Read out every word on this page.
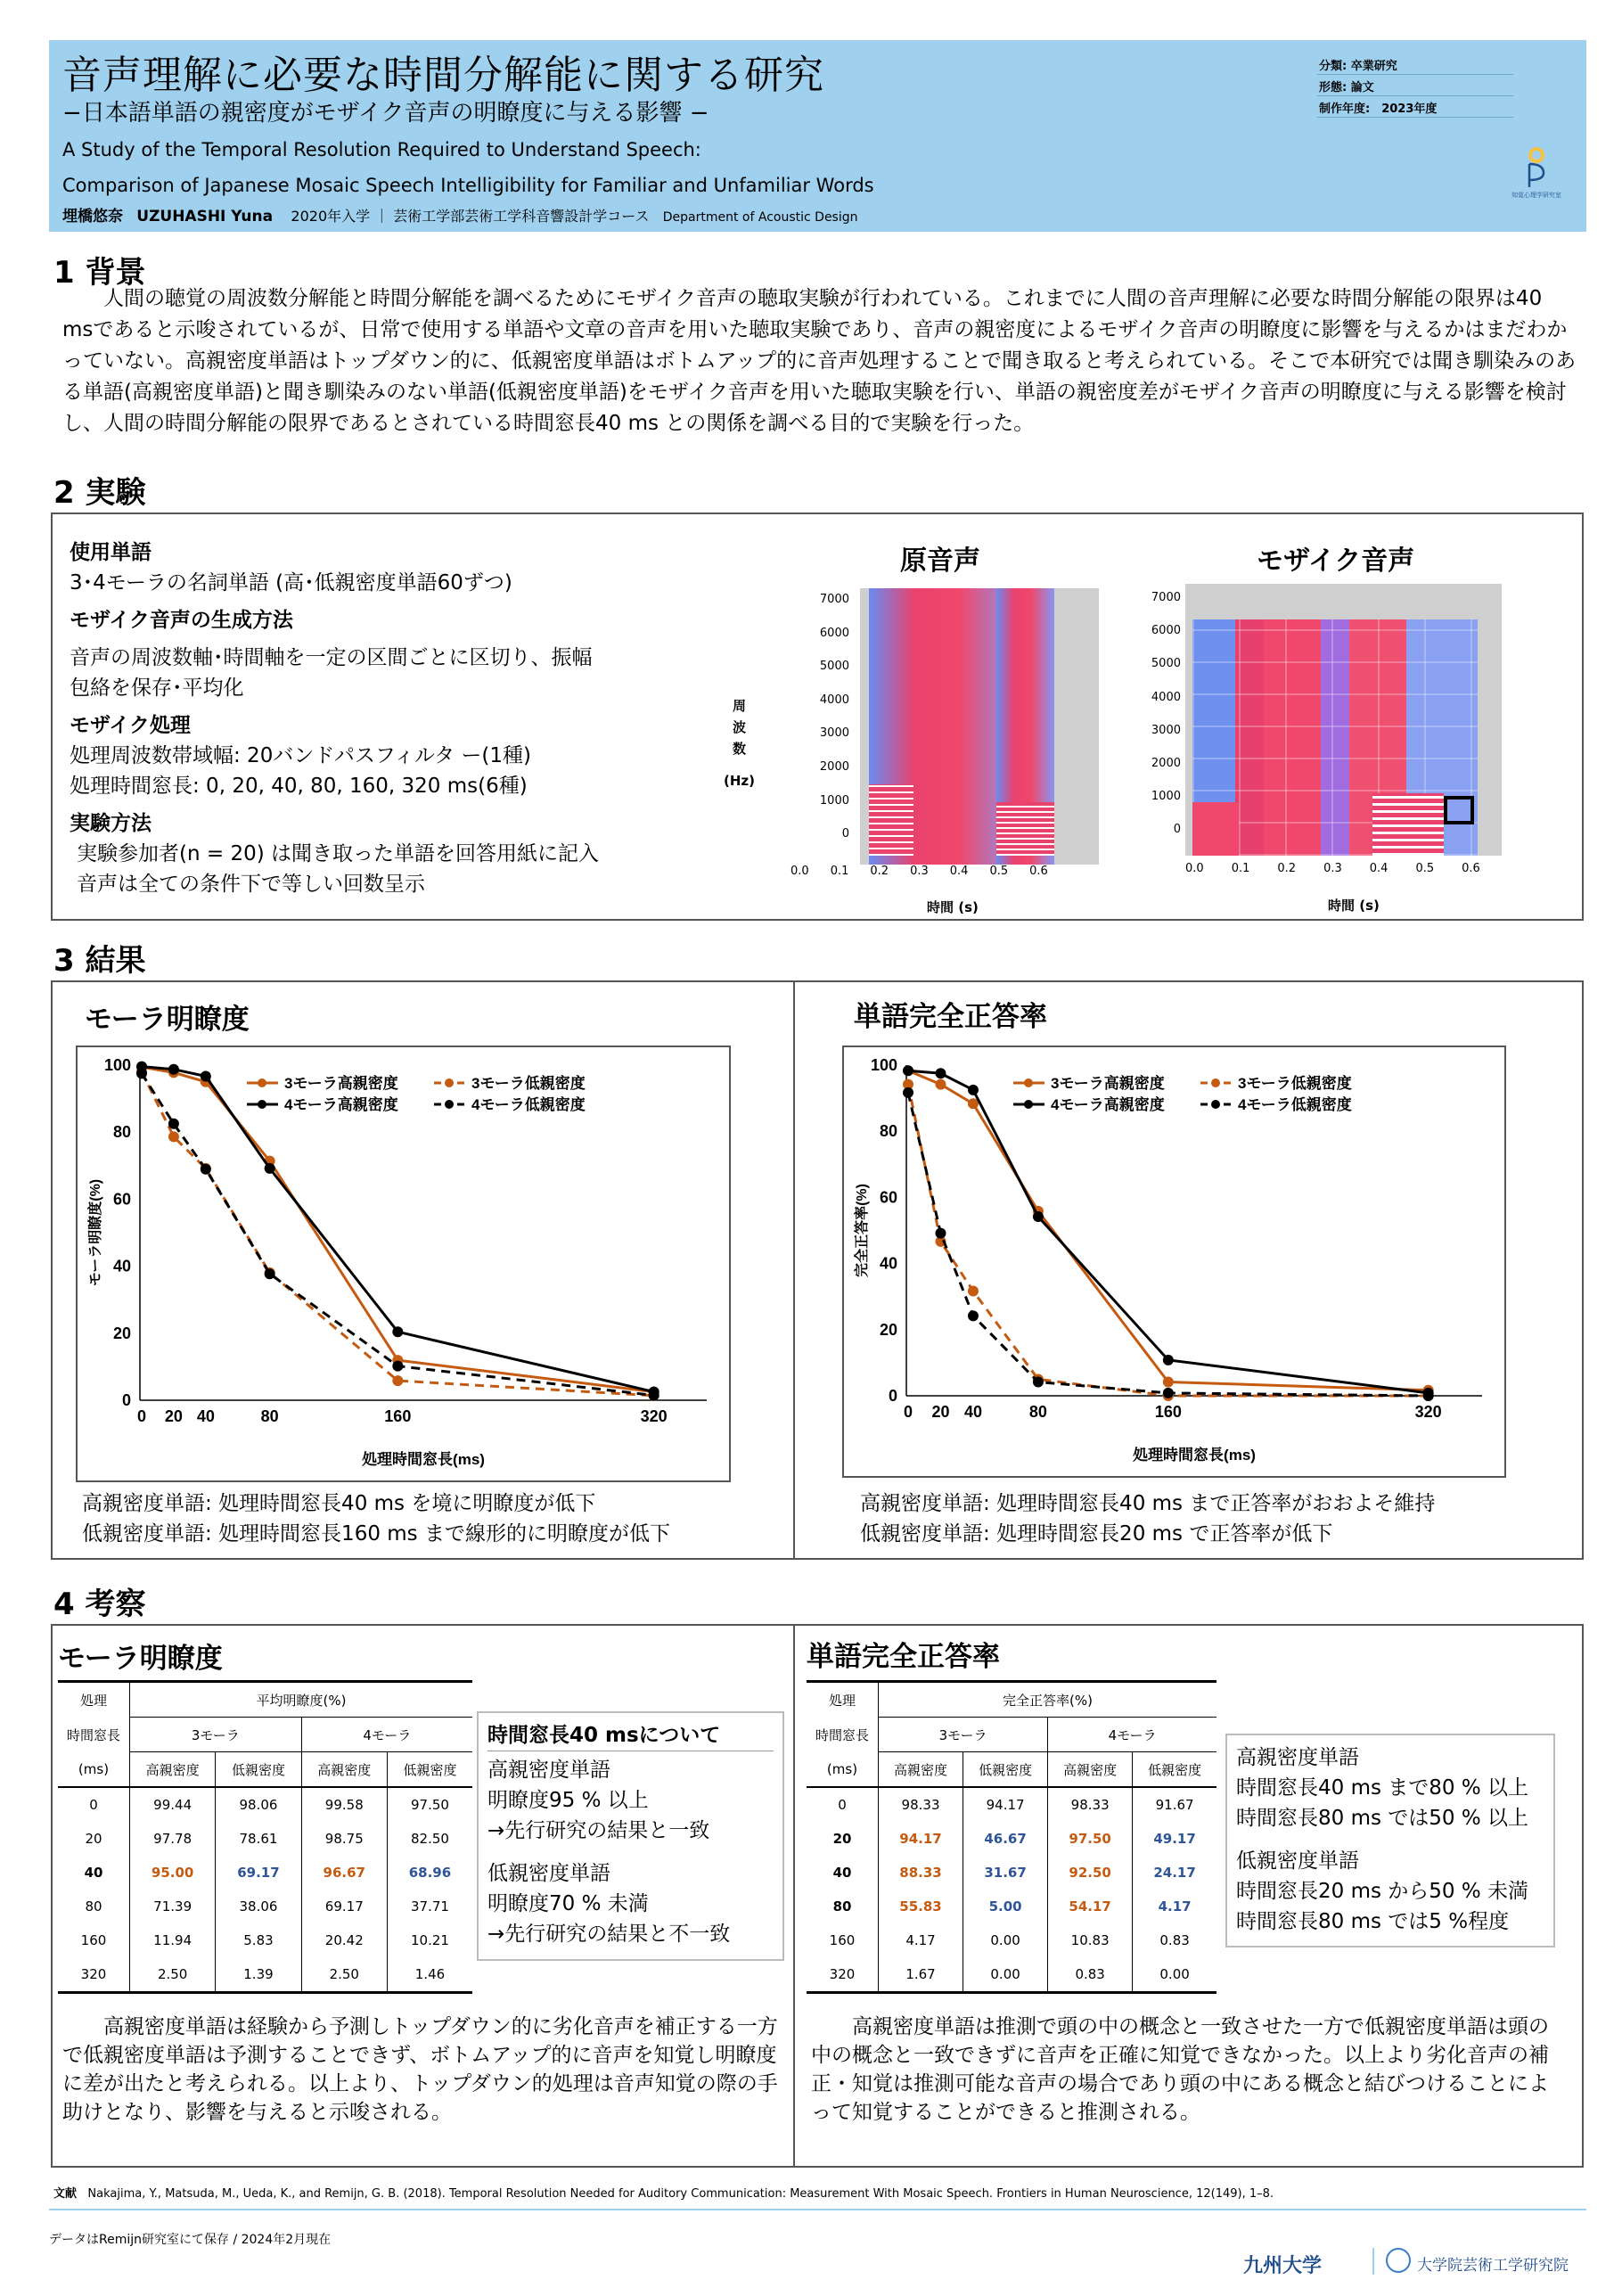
音声理解に必要な時間分解能に関する研究
−日本語単語の親密度がモザイク音声の明瞭度に与える影響 −
A Study of the Temporal Resolution Required to Understand Speech:
Comparison of Japanese Mosaic Speech Intelligibility for Familiar and Unfamiliar Words
埋橋悠奈 UZUHASHI Yuna 2020年入学 ｜ 芸術工学部芸術工学科音響設計学コース Department of Acoustic Design
分類: 卒業研究
形態: 論文
制作年度:　2023年度
知覚心理学研究室
1 背景
人間の聴覚の周波数分解能と時間分解能を調べるためにモザイク音声の聴取実験が行われている。これまでに人間の音声理解に必要な時間分解能の限界は40 msであると示唆されているが、日常で使用する単語や文章の音声を用いた聴取実験であり、音声の親密度によるモザイク音声の明瞭度に影響を与えるかはまだわかっていない。高親密度単語はトップダウン的に、低親密度単語はボトムアップ的に音声処理することで聞き取ると考えられている。そこで本研究では聞き馴染みのある単語(高親密度単語)と聞き馴染みのない単語(低親密度単語)をモザイク音声を用いた聴取実験を行い、単語の親密度差がモザイク音声の明瞭度に与える影響を検討し、人間の時間分解能の限界であるとされている時間窓長40 ms との関係を調べる目的で実験を行った。
2 実験
使用単語
3･4モーラの名詞単語 (高･低親密度単語60ずつ)
モザイク音声の生成方法
音声の周波数軸･時間軸を一定の区間ごとに区切り、振幅
包絡を保存･平均化
モザイク処理
処理周波数帯域幅: 20バンドパスフィルタ ー(1種)
処理時間窓長: 0, 20, 40, 80, 160, 320 ms(6種)
実験方法
実験参加者(n = 20) は聞き取った単語を回答用紙に記入
音声は全ての条件下で等しい回数呈示
原音声
7000
6000
5000
4000
3000
2000
1000
0
周
波
数
(Hz)
0.0 0.1 0.2 0.3 0.4 0.5 0.6
時間 (s)
モザイク音声
7000
6000
5000
4000
3000
2000
1000
0
0.0 0.1 0.2 0.3 0.4 0.5 0.6
時間 (s)
3 結果
モーラ明瞭度	単語完全正答率
0
20
40
60
80
100
0 20 40	80	160	320
処理時間窓長(ms)
モーラ明瞭度(%)
3モーラ高親密度	3モーラ低親密度
4モーラ高親密度	4モーラ低親密度
0
20
40
60
80
100
0 20 40	80	160	320
処理時間窓長(ms)
完全正答率(%)
3モーラ高親密度	3モーラ低親密度
4モーラ高親密度	4モーラ低親密度
高親密度単語: 処理時間窓長40 ms を境に明瞭度が低下
低親密度単語: 処理時間窓長160 ms まで線形的に明瞭度が低下
高親密度単語: 処理時間窓長40 ms まで正答率がおおよそ維持
低親密度単語: 処理時間窓長20 ms で正答率が低下
4 考察
モーラ明瞭度	単語完全正答率
処理	平均明瞭度(%)			
時間窓長	3モーラ		4モーラ	
(ms)	高親密度	低親密度	高親密度	低親密度
0	99.44	98.06	99.58	97.50
20	97.78	78.61	98.75	82.50
40	95.00	69.17	96.67	68.96
80	71.39	38.06	69.17	37.71
160	11.94	5.83	20.42	10.21
320	2.50	1.39	2.50	1.46
時間窓長40 msについて
高親密度単語
明瞭度95 % 以上
→先行研究の結果と一致
低親密度単語
明瞭度70 % 未満
→先行研究の結果と不一致
処理	完全正答率(%)			
時間窓長	3モーラ		4モーラ	
(ms)	高親密度	低親密度	高親密度	低親密度
0	98.33	94.17	98.33	91.67
20	94.17	46.67	97.50	49.17
40	88.33	31.67	92.50	24.17
80	55.83	5.00	54.17	4.17
160	4.17	0.00	10.83	0.83
320	1.67	0.00	0.83	0.00
高親密度単語
時間窓長40 ms まで80 % 以上
時間窓長80 ms では50 % 以上
低親密度単語
時間窓長20 ms から50 % 未満
時間窓長80 ms では5 %程度
高親密度単語は経験から予測しトップダウン的に劣化音声を補正する一方で低親密度単語は予測することできず、ボトムアップ的に音声を知覚し明瞭度に差が出たと考えられる。以上より、トップダウン的処理は音声知覚の際の手助けとなり、影響を与えると示唆される。
高親密度単語は推測で頭の中の概念と一致させた一方で低親密度単語は頭の中の概念と一致できずに音声を正確に知覚できなかった。以上より劣化音声の補正・知覚は推測可能な音声の場合であり頭の中にある概念と結びつけることによって知覚することができると推測される。
文献 Nakajima, Y., Matsuda, M., Ueda, K., and Remijn, G. B. (2018). Temporal Resolution Needed for Auditory Communication: Measurement With Mosaic Speech. Frontiers in Human Neuroscience, 12(149), 1–8.
データはRemijn研究室にて保存 / 2024年2月現在
九州大学	大学院芸術工学研究院
